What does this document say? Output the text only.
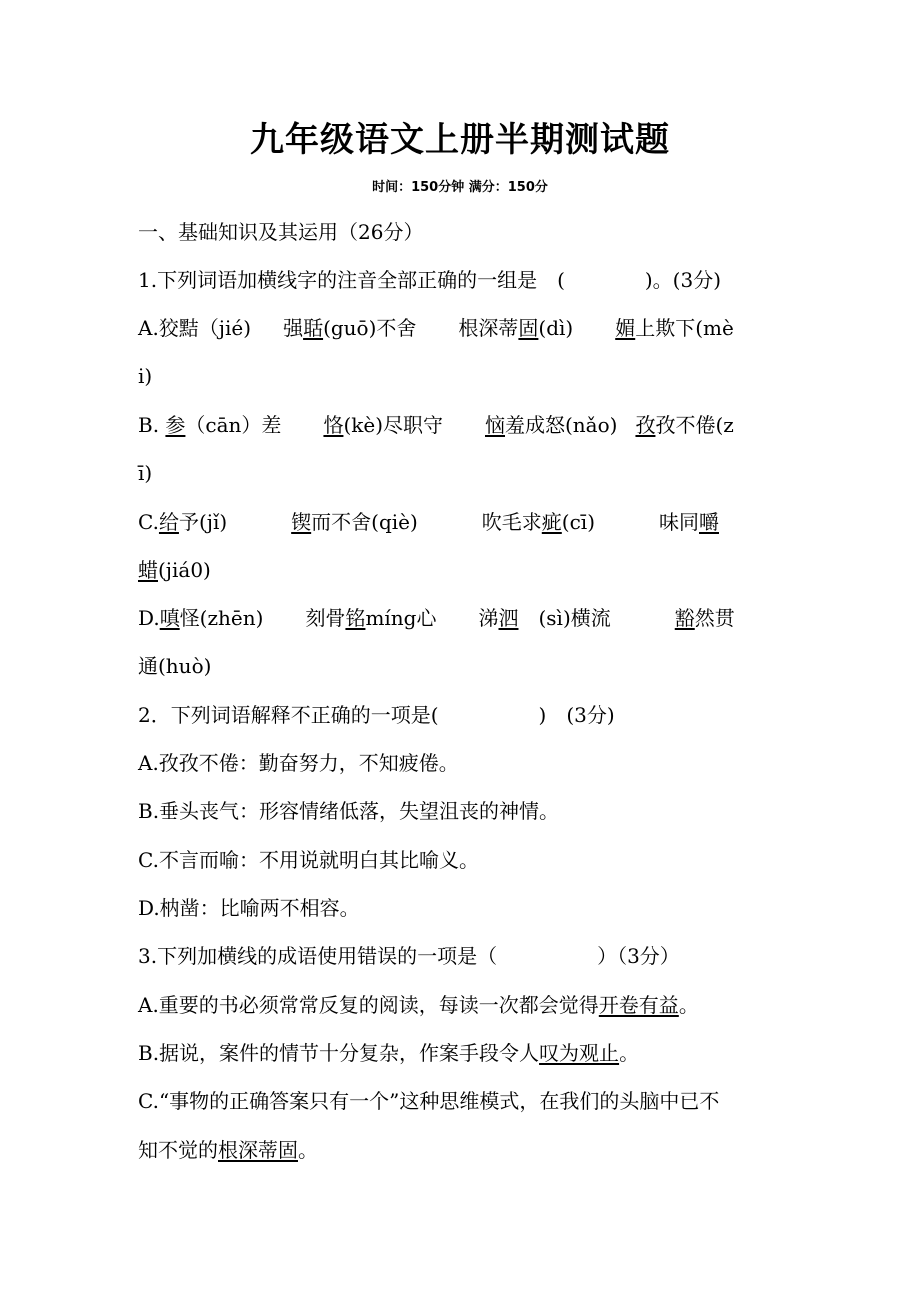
九年级语文上册半期测试题
时间：150分钟 满分：150分
一、基础知识及其运用（26分）
1.下列词语加横线字的注音全部正确的一组是　(　　　　)。(3分)
A.狡黠（jié) 强聒(guō)不舍 根深蒂固(dì) 媚上欺下(mè
i)
B. 参（cān）差 恪(kè)尽职守 恼羞成怒(nǎo) 孜孜不倦(z
ī)
C.给予(jǐ)	锲而不舍(qiè)	吹毛求疵(cī)	味同嚼
蜡(jiá0)
D.嗔怪(zhēn) 刻骨铭míng心 涕泗 (sì)横流	豁然贯
通(huò)
2．下列词语解释不正确的一项是(　　　　　)　(3分)
A.孜孜不倦：勤奋努力，不知疲倦。
B.垂头丧气：形容情绪低落，失望沮丧的神情。
C.不言而喻：不用说就明白其比喻义。
D.枘凿：比喻两不相容。
3.下列加横线的成语使用错误的一项是（　　　　　）（3分）
A.重要的书必须常常反复的阅读，每读一次都会觉得开卷有益。
B.据说，案件的情节十分复杂，作案手段令人叹为观止。
C.“事物的正确答案只有一个”这种思维模式，在我们的头脑中已不
知不觉的根深蒂固。
